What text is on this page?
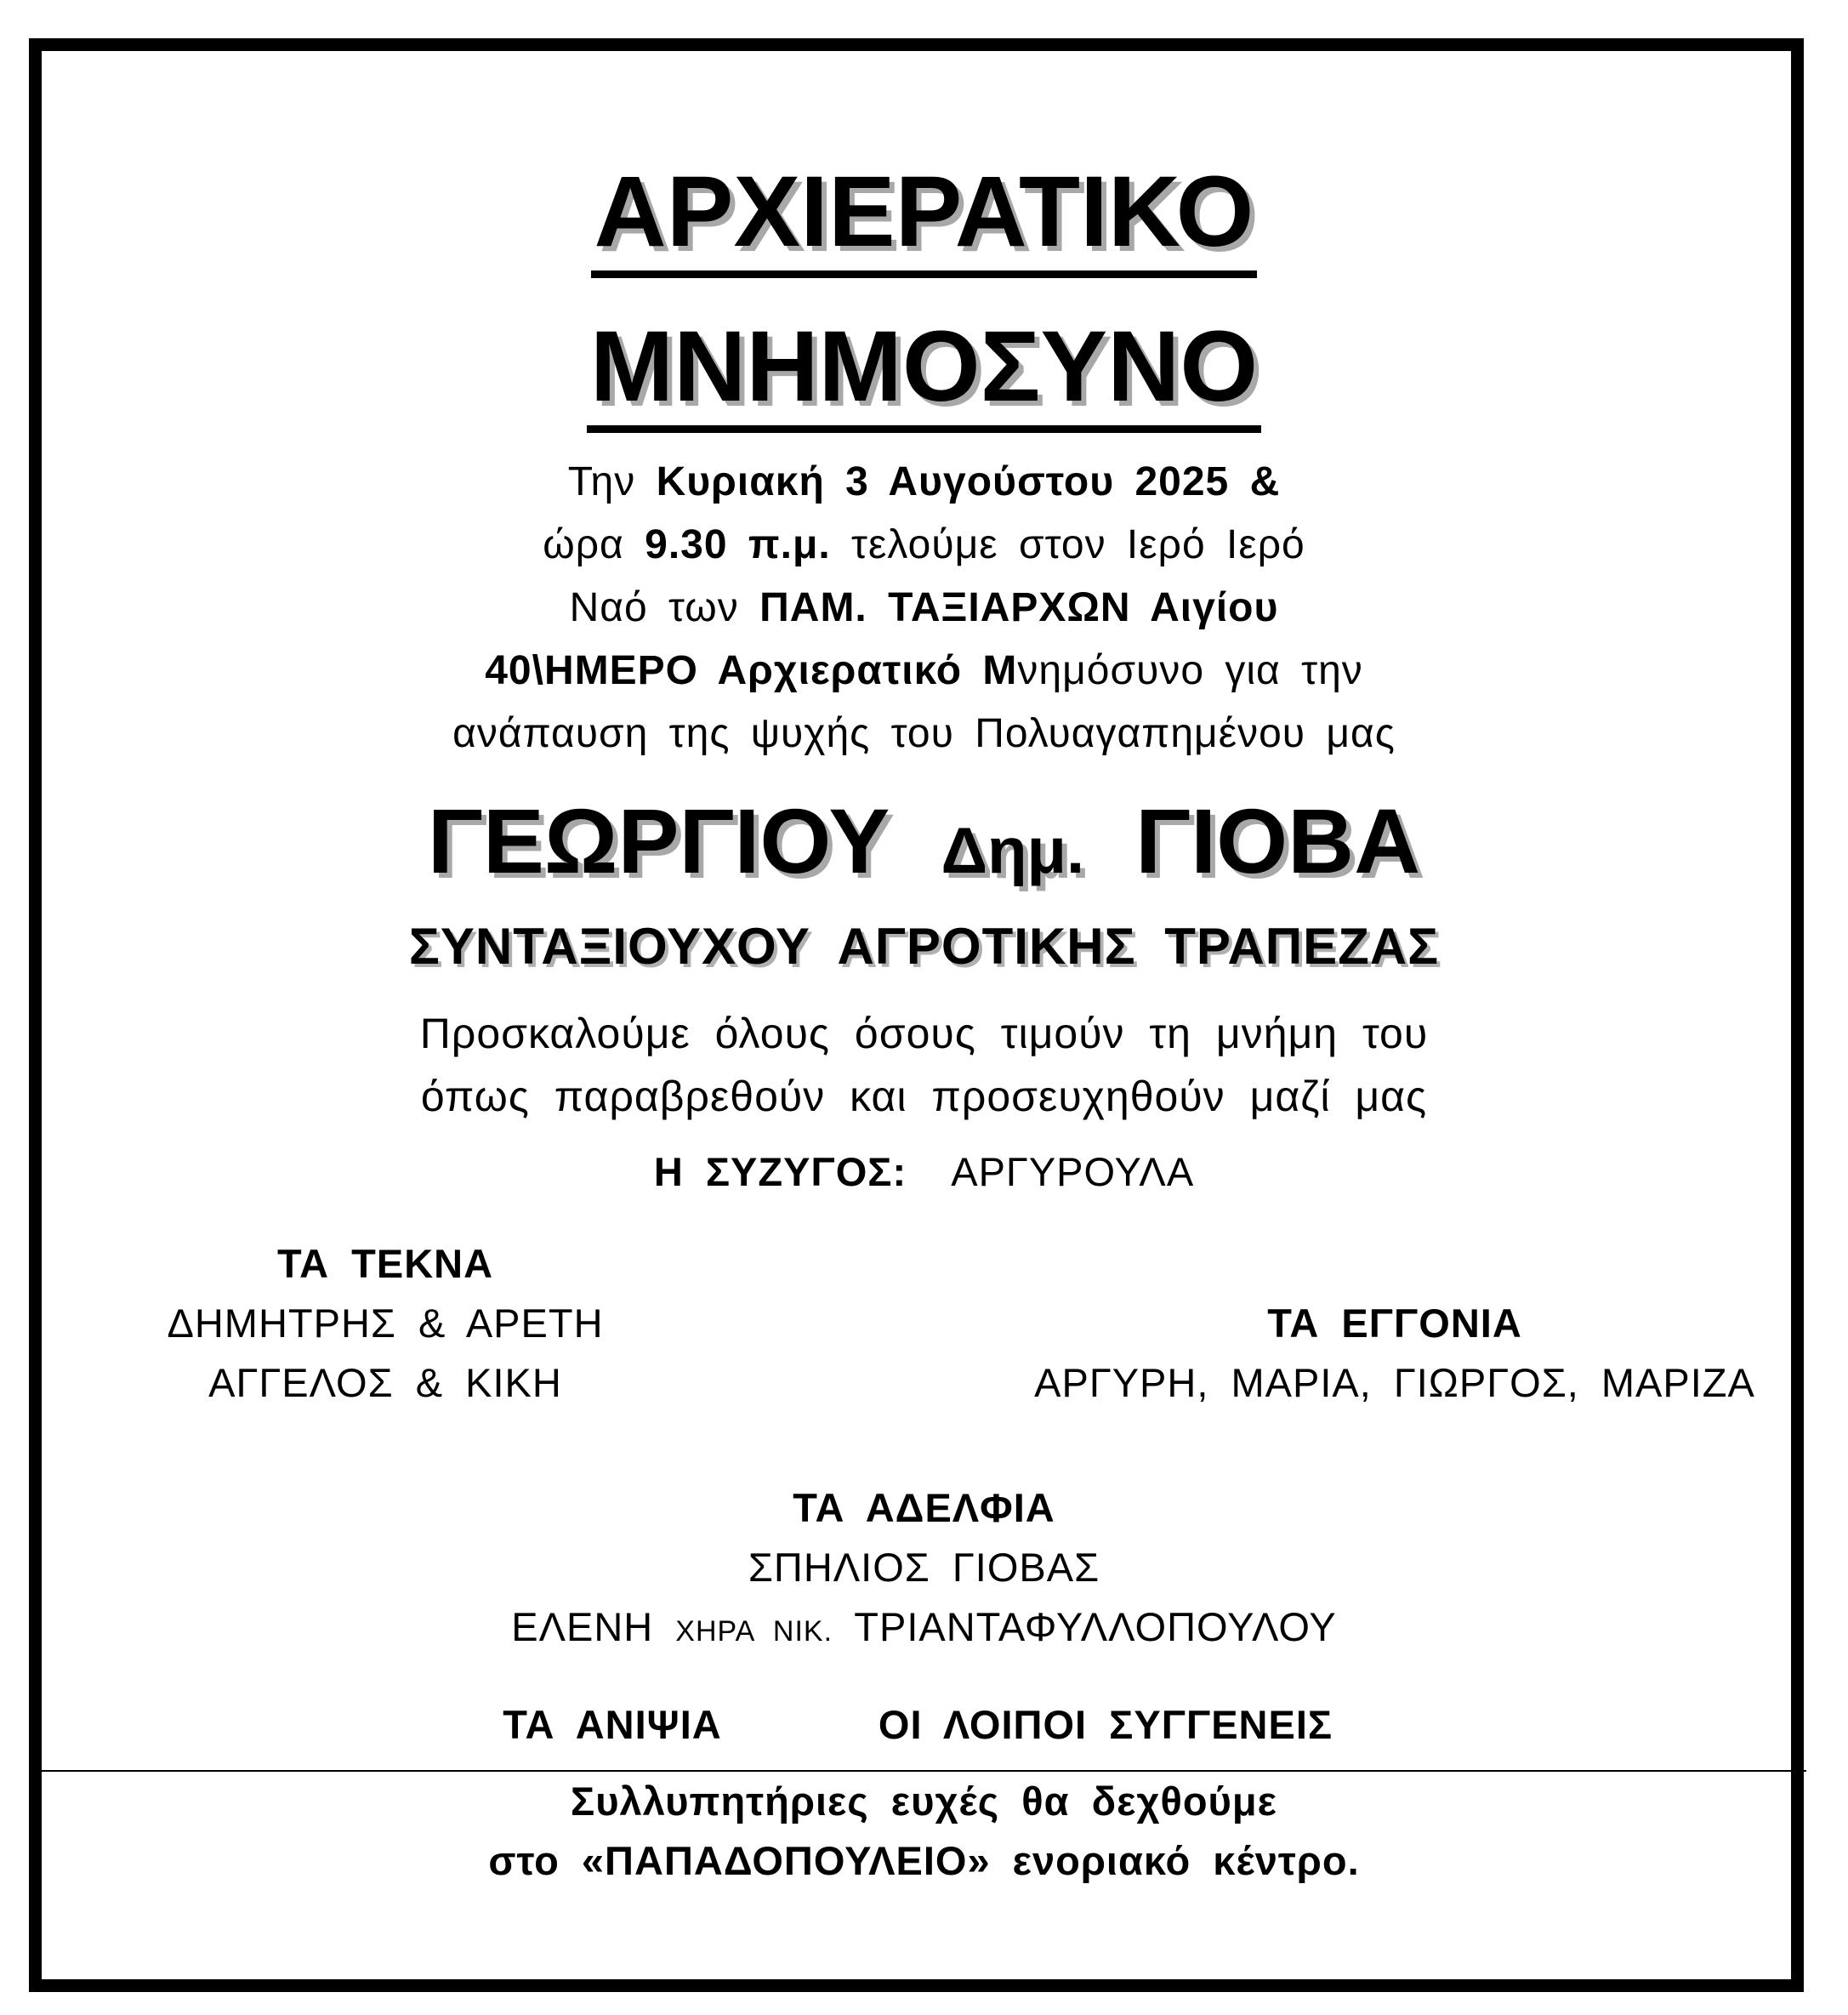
ΑΡΧΙΕΡΑΤΙΚΟ
ΜΝΗΜΟΣΥΝΟ
Την Κυριακή 3 Αυγούστου 2025 &
ώρα 9.30 π.μ. τελούμε στον Ιερό Ιερό
Ναό των ΠΑΜ. ΤΑΞΙΑΡΧΩΝ Αιγίου
40\ΗΜΕΡΟ Αρχιερατικό Μνημόσυνο για την
ανάπαυση της ψυχής του Πολυαγαπημένου μας
ΓΕΩΡΓΙΟΥ Δημ. ΓΙΟΒΑ
ΣΥΝΤΑΞΙΟΥΧΟΥ ΑΓΡΟΤΙΚΗΣ ΤΡΑΠΕΖΑΣ
Προσκαλούμε όλους όσους τιμούν τη μνήμη του
όπως παραβρεθούν και προσευχηθούν μαζί μας
Η ΣΥΖΥΓΟΣ: ΑΡΓΥΡΟΥΛΑ
ΤΑ ΤΕΚΝΑ
ΔΗΜΗΤΡΗΣ & ΑΡΕΤΗ
ΑΓΓΕΛΟΣ & ΚΙΚΗ
ΤΑ ΕΓΓΟΝΙΑ
ΑΡΓΥΡΗ, ΜΑΡΙΑ, ΓΙΩΡΓΟΣ, ΜΑΡΙΖΑ
ΤΑ ΑΔΕΛΦΙΑ
ΣΠΗΛΙΟΣ ΓΙΟΒΑΣ
ΕΛΕΝΗ ΧΗΡΑ ΝΙΚ. ΤΡΙΑΝΤΑΦΥΛΛΟΠΟΥΛΟΥ
ΤΑ ΑΝΙΨΙΑ	ΟΙ ΛΟΙΠΟΙ ΣΥΓΓΕΝΕΙΣ
Συλλυπητήριες ευχές θα δεχθούμε
στο «ΠΑΠΑΔΟΠΟΥΛΕΙΟ» ενοριακό κέντρο.
